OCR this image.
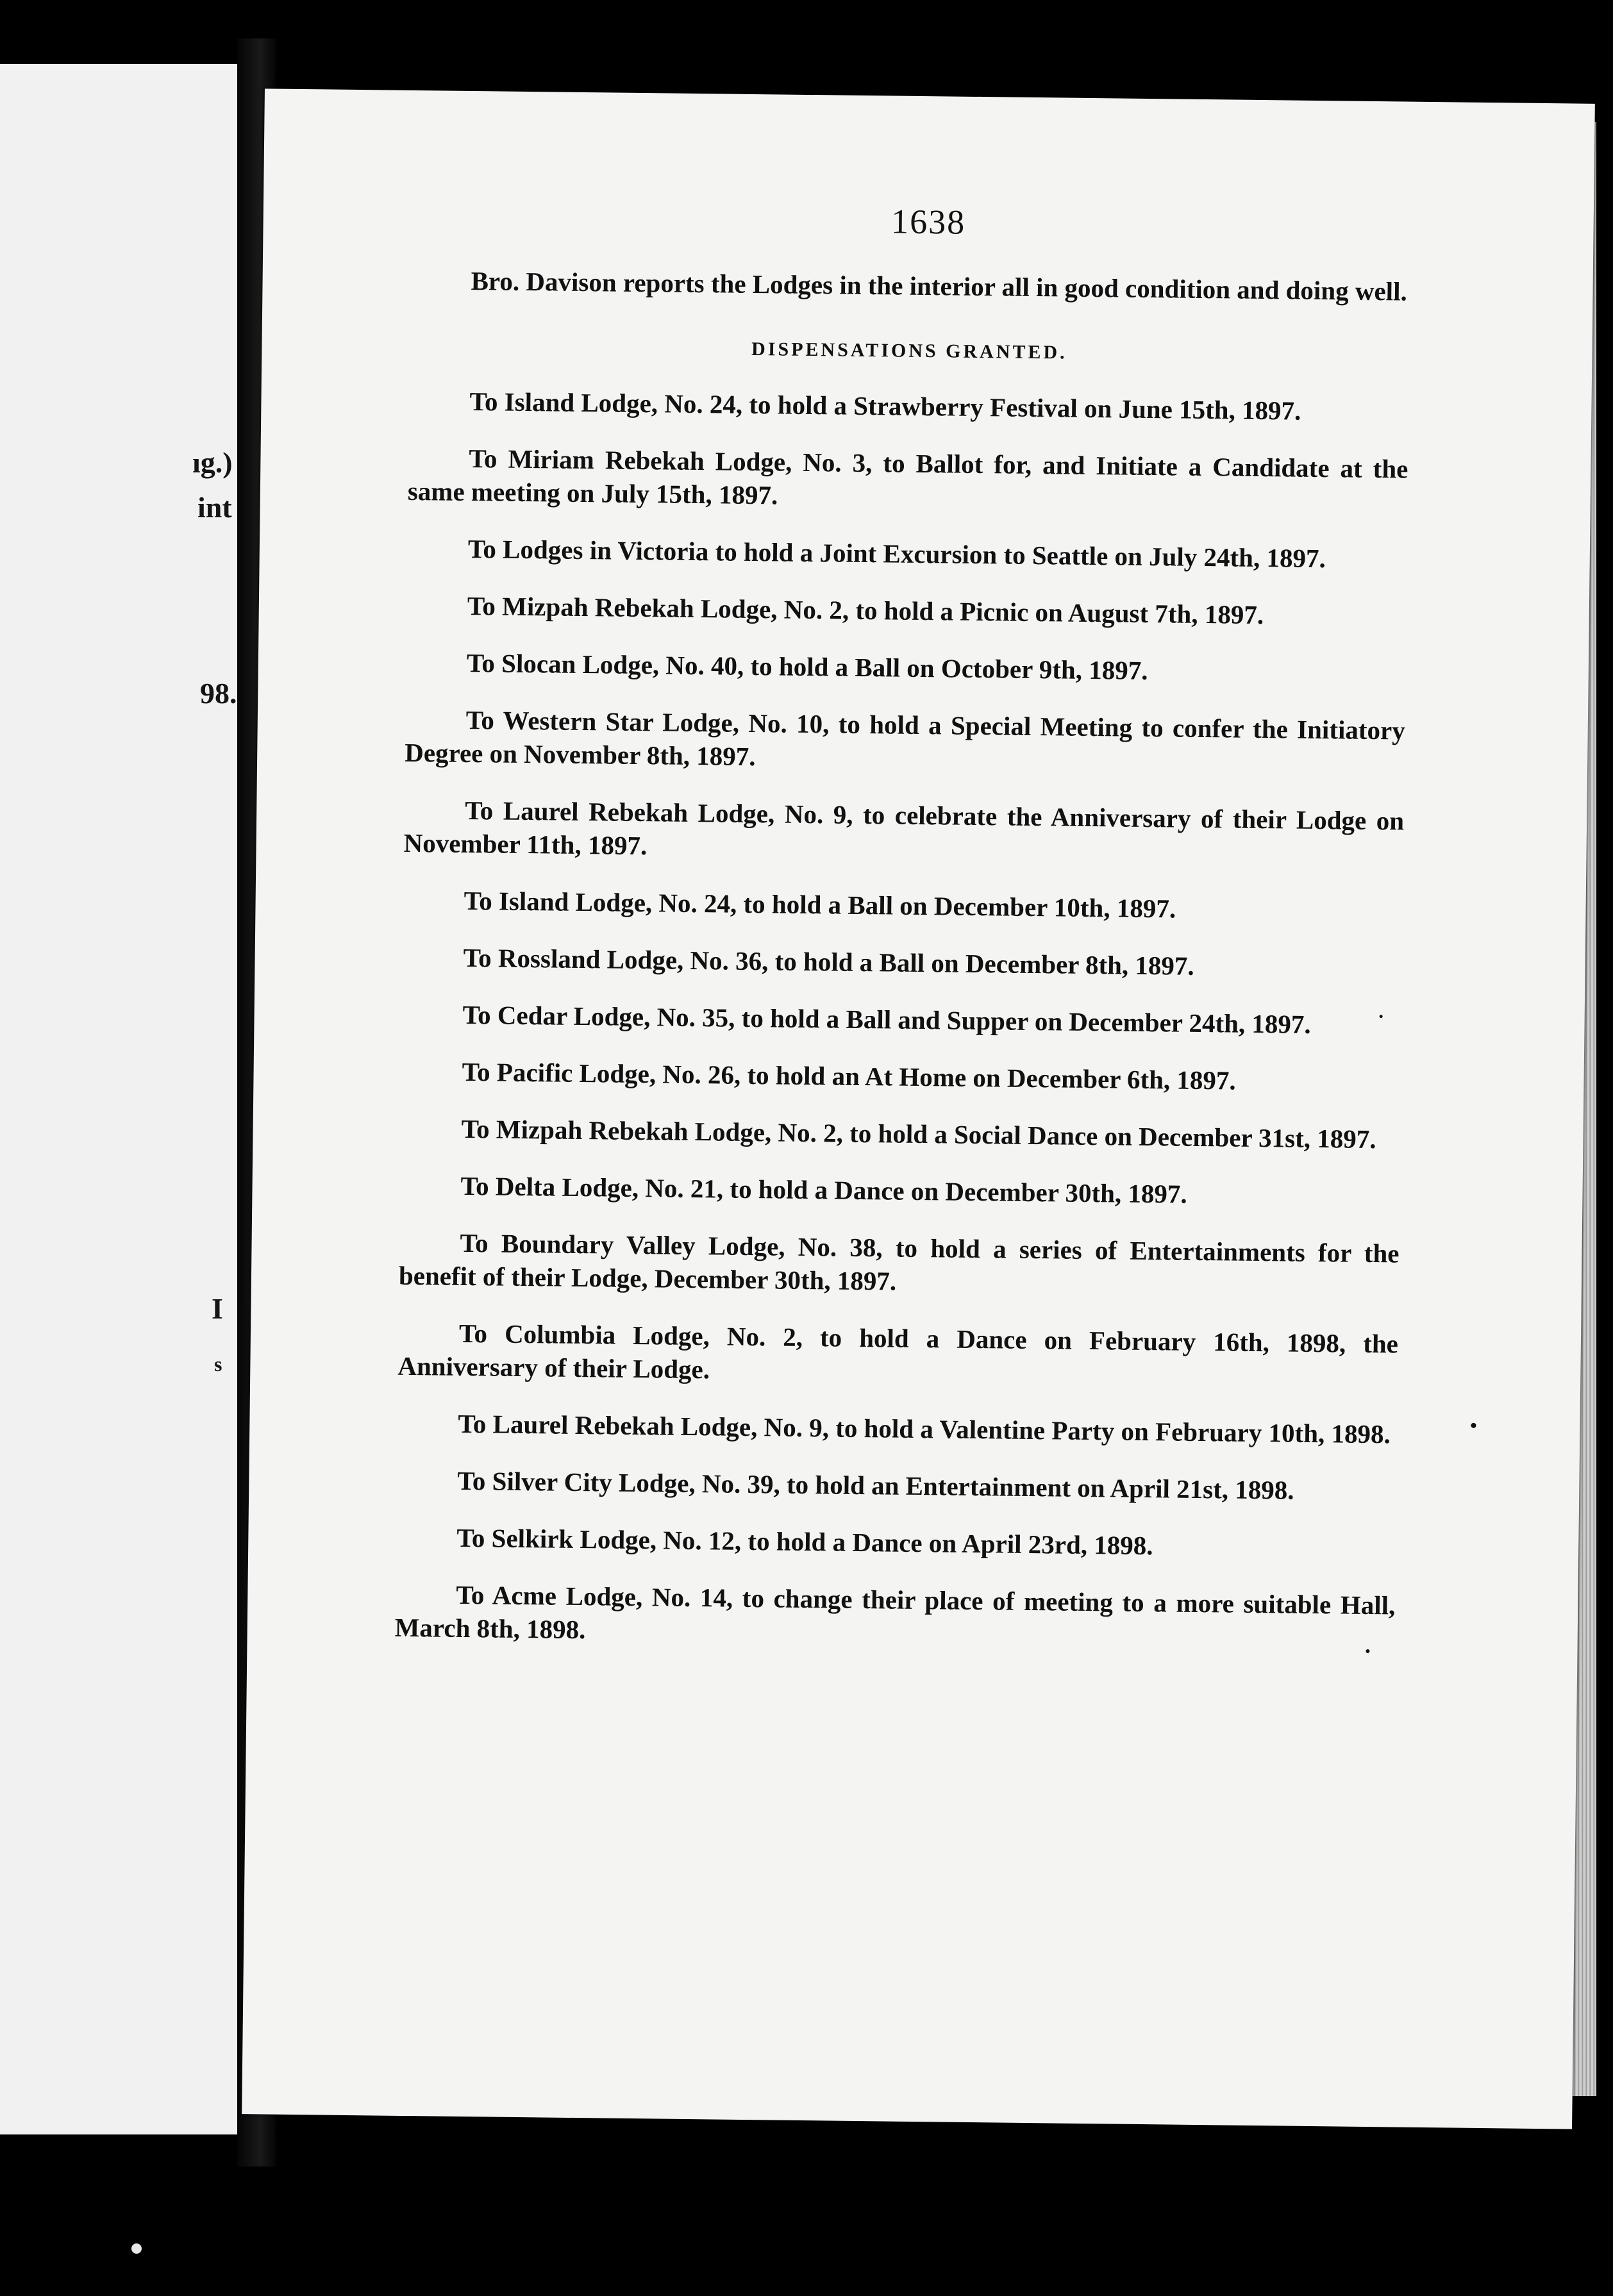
ıg.)
int
98.
I
s
1638

Bro. Davison reports the Lodges in the interior all in good condition and doing well.

DISPENSATIONS GRANTED.

To Island Lodge, No. 24, to hold a Strawberry Festival on June 15th, 1897.

To Miriam Rebekah Lodge, No. 3, to Ballot for, and Initiate a Candidate at the same meeting on July 15th, 1897.

To Lodges in Victoria to hold a Joint Excursion to Seattle on July 24th, 1897.

To Mizpah Rebekah Lodge, No. 2, to hold a Picnic on August 7th, 1897.

To Slocan Lodge, No. 40, to hold a Ball on October 9th, 1897.

To Western Star Lodge, No. 10, to hold a Special Meeting to confer the Initiatory Degree on November 8th, 1897.

To Laurel Rebekah Lodge, No. 9, to celebrate the Anniversary of their Lodge on November 11th, 1897.

To Island Lodge, No. 24, to hold a Ball on December 10th, 1897.

To Rossland Lodge, No. 36, to hold a Ball on December 8th, 1897.

To Cedar Lodge, No. 35, to hold a Ball and Supper on December 24th, 1897.

To Pacific Lodge, No. 26, to hold an At Home on December 6th, 1897.

To Mizpah Rebekah Lodge, No. 2, to hold a Social Dance on December 31st, 1897.

To Delta Lodge, No. 21, to hold a Dance on December 30th, 1897.

To Boundary Valley Lodge, No. 38, to hold a series of Entertainments for the benefit of their Lodge, December 30th, 1897.

To Columbia Lodge, No. 2, to hold a Dance on February 16th, 1898, the Anniversary of their Lodge.

To Laurel Rebekah Lodge, No. 9, to hold a Valentine Party on February 10th, 1898.

To Silver City Lodge, No. 39, to hold an Entertainment on April 21st, 1898.

To Selkirk Lodge, No. 12, to hold a Dance on April 23rd, 1898.

To Acme Lodge, No. 14, to change their place of meeting to a more suitable Hall, March 8th, 1898.
